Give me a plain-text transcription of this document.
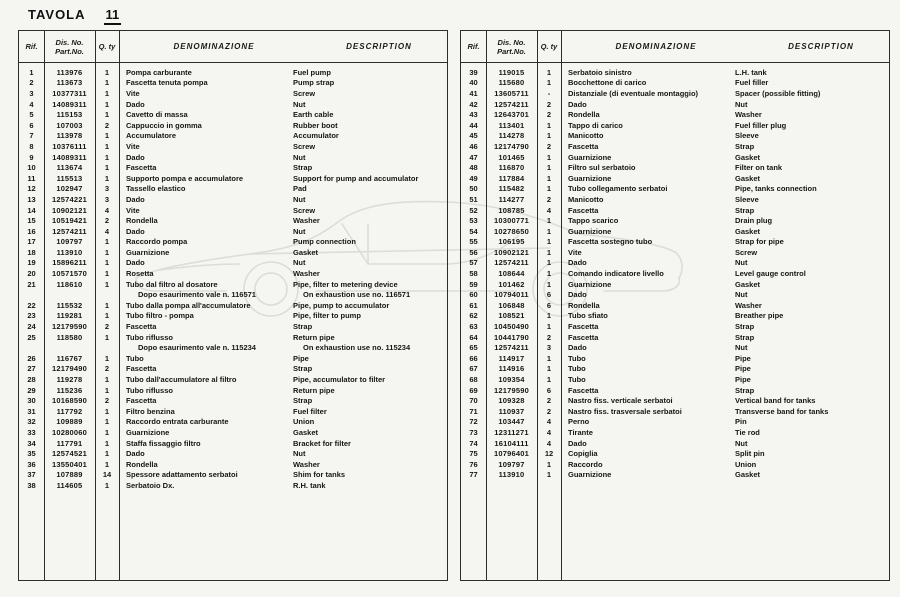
TAVOLA 11
Rif.	Dis. No.
Part.No.	Q. ty	DENOMINAZIONE	DESCRIPTION
1	113976	1	Pompa carburante	Fuel pump
2	113673	1	Fascetta tenuta pompa	Pump strap
3	10377311	1	Vite	Screw
4	14089311	1	Dado	Nut
5	115153	1	Cavetto di massa	Earth cable
6	107003	2	Cappuccio in gomma	Rubber boot
7	113978	1	Accumulatore	Accumulator
8	10376111	1	Vite	Screw
9	14089311	1	Dado	Nut
10	113674	1	Fascetta	Strap
11	115513	1	Supporto pompa e accumulatore	Support for pump and accumulator
12	102947	3	Tassello elastico	Pad
13	12574221	3	Dado	Nut
14	10902121	4	Vite	Screw
15	10519421	2	Rondella	Washer
16	12574211	4	Dado	Nut
17	109797	1	Raccordo pompa	Pump connection
18	113910	1	Guarnizione	Gasket
19	15896211	1	Dado	Nut
20	10571570	1	Rosetta	Washer
21	118610	1	Tubo dal filtro al dosatore	Pipe, filter to metering device
Dopo esaurimento vale n. 116571	On exhaustion use no. 116571
22	115532	1	Tubo dalla pompa all'accumulatore	Pipe, pump to accumulator
23	119281	1	Tubo filtro - pompa	Pipe, filter to pump
24	12179590	2	Fascetta	Strap
25	118580	1	Tubo riflusso	Return pipe
Dopo esaurimento vale n. 115234	On exhaustion use no. 115234
26	116767	1	Tubo	Pipe
27	12179490	2	Fascetta	Strap
28	119278	1	Tubo dall'accumulatore al filtro	Pipe, accumulator to filter
29	115236	1	Tubo riflusso	Return pipe
30	10168590	2	Fascetta	Strap
31	117792	1	Filtro benzina	Fuel filter
32	109889	1	Raccordo entrata carburante	Union
33	10280060	1	Guarnizione	Gasket
34	117791	1	Staffa fissaggio filtro	Bracket for filter
35	12574521	1	Dado	Nut
36	13550401	1	Rondella	Washer
37	107889	14	Spessore adattamento serbatoi	Shim for tanks
38	114605	1	Serbatoio Dx.	R.H. tank
Rif.	Dis. No.
Part.No.	Q. ty	DENOMINAZIONE	DESCRIPTION
39	119015	1	Serbatoio sinistro	L.H. tank
40	115680	1	Bocchettone di carico	Fuel filler
41	13605711	-	Distanziale (di eventuale montaggio)	Spacer (possible fitting)
42	12574211	2	Dado	Nut
43	12643701	2	Rondella	Washer
44	113401	1	Tappo di carico	Fuel filler plug
45	114278	1	Manicotto	Sleeve
46	12174790	2	Fascetta	Strap
47	101465	1	Guarnizione	Gasket
48	116870	1	Filtro sul serbatoio	Filter on tank
49	117884	1	Guarnizione	Gasket
50	115482	1	Tubo collegamento serbatoi	Pipe, tanks connection
51	114277	2	Manicotto	Sleeve
52	108785	4	Fascetta	Strap
53	10300771	1	Tappo scarico	Drain plug
54	10278650	1	Guarnizione	Gasket
55	106195	1	Fascetta sostegno tubo	Strap for pipe
56	10902121	1	Vite	Screw
57	12574211	1	Dado	Nut
58	108644	1	Comando indicatore livello	Level gauge control
59	101462	1	Guarnizione	Gasket
60	10794011	6	Dado	Nut
61	106848	6	Rondella	Washer
62	108521	1	Tubo sfiato	Breather pipe
63	10450490	1	Fascetta	Strap
64	10441790	2	Fascetta	Strap
65	12574211	3	Dado	Nut
66	114917	1	Tubo	Pipe
67	114916	1	Tubo	Pipe
68	109354	1	Tubo	Pipe
69	12179590	6	Fascetta	Strap
70	109328	2	Nastro fiss. verticale serbatoi	Vertical band for tanks
71	110937	2	Nastro fiss. trasversale serbatoi	Transverse band for tanks
72	103447	4	Perno	Pin
73	12311271	4	Tirante	Tie rod
74	16104111	4	Dado	Nut
75	10796401	12	Copiglia	Split pin
76	109797	1	Raccordo	Union
77	113910	1	Guarnizione	Gasket
